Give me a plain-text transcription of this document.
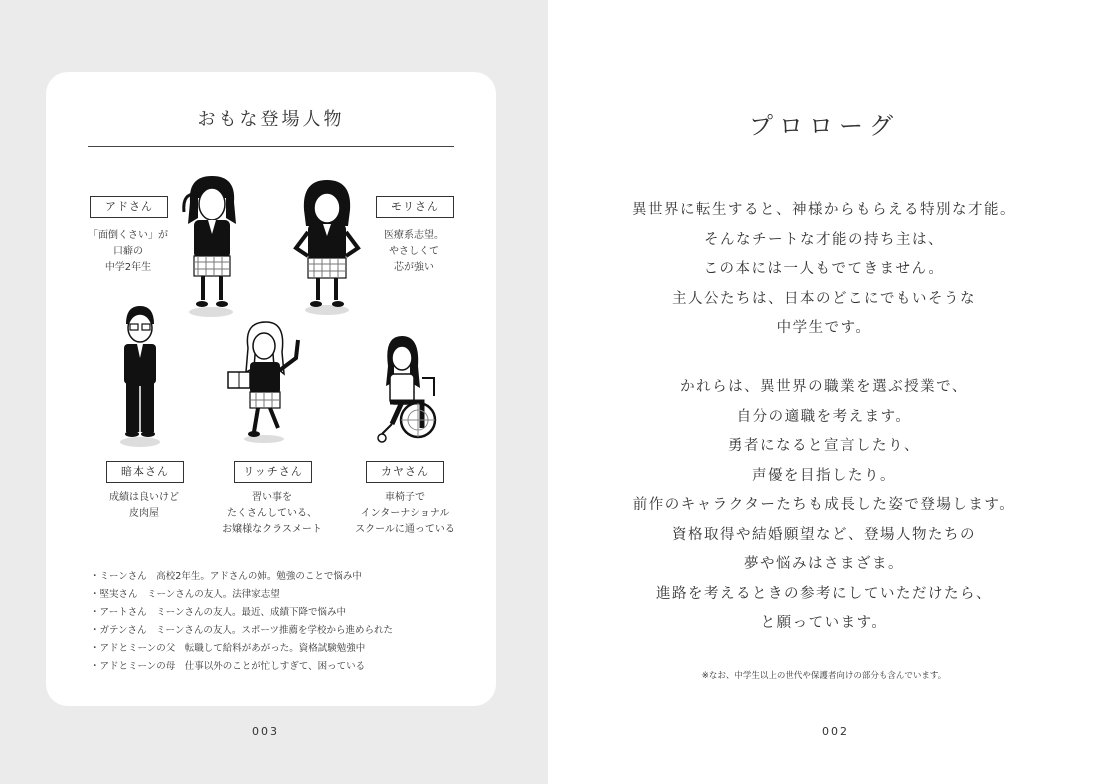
おもな登場人物
アドさん
「面倒くさい」が
口癖の
中学2年生
モリさん
医療系志望。
やさしくて
芯が強い
暗本さん
成績は良いけど
皮肉屋
リッチさん
習い事を
たくさんしている、
お嬢様なクラスメート
カヤさん
車椅子で
インターナショナル
スクールに通っている
・ミーンさん　高校2年生。アドさんの姉。勉強のことで悩み中
・堅実さん　ミーンさんの友人。法律家志望
・アートさん　ミーンさんの友人。最近、成績下降で悩み中
・ガテンさん　ミーンさんの友人。スポーツ推薦を学校から進められた
・アドとミーンの父　転職して給料があがった。資格試験勉強中
・アドとミーンの母　仕事以外のことが忙しすぎて、困っている
003
プロローグ
異世界に転生すると、神様からもらえる特別な才能。
そんなチートな才能の持ち主は、
この本には一人もでてきません。
主人公たちは、日本のどこにでもいそうな
中学生です。
かれらは、異世界の職業を選ぶ授業で、
自分の適職を考えます。
勇者になると宣言したり、
声優を目指したり。
前作のキャラクターたちも成長した姿で登場します。
資格取得や結婚願望など、登場人物たちの
夢や悩みはさまざま。
進路を考えるときの参考にしていただけたら、
と願っています。
※なお、中学生以上の世代や保護者向けの部分も含んでいます。
002
